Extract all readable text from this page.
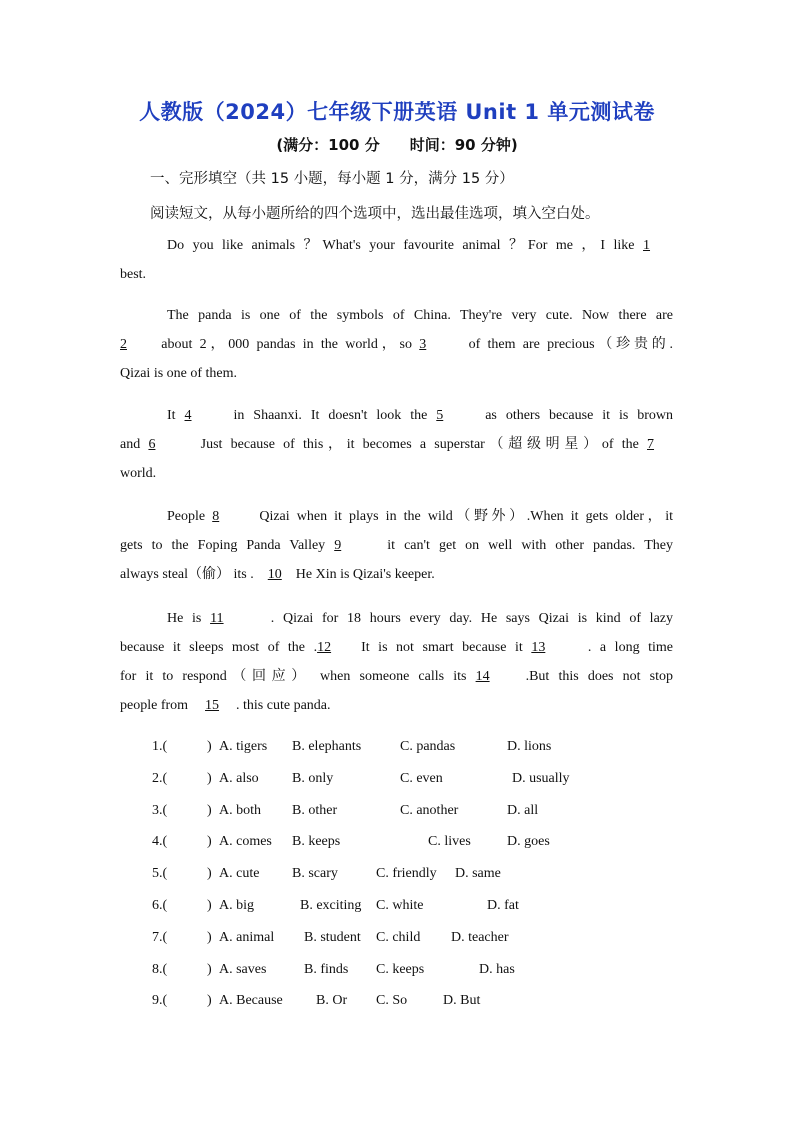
人教版（2024）七年级下册英语 Unit 1 单元测试卷
(满分：100 分 时间：90 分钟)
一、完形填空（共 15 小题，每小题 1 分，满分 15 分）
阅读短文，从每小题所给的四个选项中，选出最佳选项，填入空白处。
Do you like animals ？What's your favourite animal ？For me ，I like 1
best.
The panda is one of the symbols of China. They're very cute. Now there are
2 about 2，000 pandas in the world，so 3	of them are precious（珍贵的.
Qizai is one of them.
It 4	in Shaanxi. It doesn't look the 5	as others because it is brown
and 6	Just because of this，it becomes a superstar（超级明星）of the 7
world.
People 8	Qizai when it plays in the wild（野外）.When it gets older，it
gets to the Foping Panda Valley 9	it can't get on well with other pandas. They
always steal（偷） its . 10 He Xin is Qizai's keeper.
He is 11	. Qizai for 18 hours every day. He says Qizai is kind of lazy
because it sleeps most of the .12 It is not smart because it 13	. a long time
for it to respond（回应） when someone calls its 14	.But this does not stop
people from 15 . this cute panda.
1.(	) A. tigers B. elephants	C. pandas	D. lions
2.(	) A. also B. only	C. even	D. usually
3.(	) A. both B. other	C. another	D. all
4.(	) A. comes B. keeps	C. lives	D. goes
5.(	) A. cute B. scary	C. friendly D. same
6.(	) A. big	B. exciting C. white	D. fat
7.(	) A. animal B. student C. child D. teacher
8.(	) A. saves	B. finds C. keeps	D. has
9.(	) A. Because B. Or C. So	D. But
